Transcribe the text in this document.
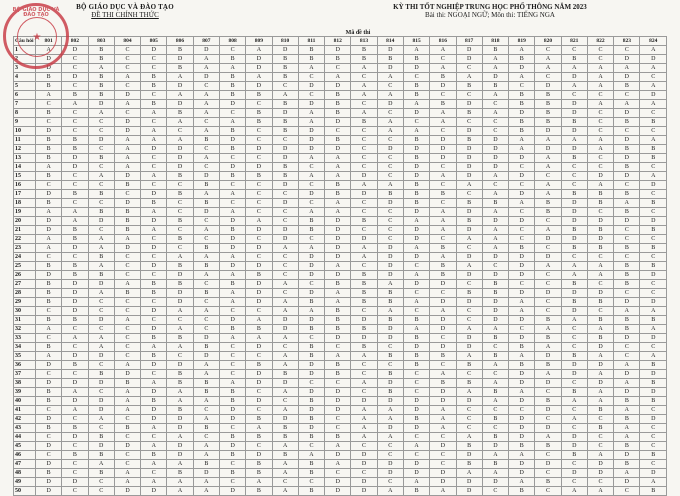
BỘ GIÁO DỤC VÀ ĐÀO TẠO
ĐỀ THI CHÍNH THỨC
KỲ THI TỐT NGHIỆP TRUNG HỌC PHỔ THÔNG NĂM 2023
Bài thi: NGOẠI NGỮ; Môn thi: TIẾNG NGA
Mã đề thi
Câu hỏi	801	802	803	804	805	806	807	808	809	810	811	812	813	814	815	816	817	818	819	820	821	822	823	824
1	A	D	B	C	D	B	D	C	A	D	B	D	B	D	A	A	D	B	A	C	C	C	C	A
2	D	C	B	C	C	D	A	B	D	B	B	B	B	B	B	C	D	A	B	A	B	C	D	D
3	D	C	A	C	C	B	A	A	D	B	A	C	A	D	D	A	C	A	D	A	A	A	A	A
4	B	D	B	A	B	A	D	B	A	B	C	A	C	A	C	B	A	D	A	C	D	A	D	C
5	B	C	B	C	B	D	C	B	D	C	D	D	A	C	B	D	B	B	C	D	A	A	B	A
6	A	B	B	D	C	A	A	B	B	A	C	B	A	A	B	C	C	A	B	B	C	C	C	D
7	C	A	D	A	B	D	A	D	C	B	D	B	C	D	A	B	D	C	B	B	D	A	A	A
8	B	C	A	C	A	B	A	C	B	D	A	B	A	C	D	A	B	A	D	B	D	C	D	C
9	C	C	C	D	C	A	C	A	B	B	A	D	B	A	C	A	C	C	B	B	B	C	B	B
10	D	C	C	D	A	C	A	B	C	B	D	C	C	A	A	C	D	C	B	D	D	C	C	C
11	B	B	D	A	A	A	B	D	C	C	D	B	C	C	B	D	B	D	A	A	A	A	D	A
12	B	B	C	A	D	D	C	B	D	D	D	D	C	D	D	D	D	D	A	D	D	A	B	B
13	B	D	B	A	C	D	A	C	C	D	A	A	C	C	B	D	D	D	D	A	B	C	D	B
14	A	D	C	A	C	D	C	D	D	B	C	A	C	C	D	C	D	D	C	A	C	C	B	C
15	B	C	A	D	A	B	D	B	B	B	A	A	D	C	D	A	D	A	D	C	C	D	D	A
16	C	C	C	B	C	C	B	C	C	D	C	B	A	A	B	C	A	C	C	A	C	A	C	D
17	D	B	B	C	D	B	A	A	C	C	D	B	D	B	B	B	C	A	D	A	B	B	B	C
18	B	C	C	D	B	C	B	C	C	D	C	A	C	D	B	C	B	B	A	B	D	B	A	B
19	A	A	B	B	A	C	D	A	C	C	A	A	C	C	D	A	D	A	C	B	D	C	B	C
20	D	A	D	B	D	B	C	D	A	C	B	D	B	C	A	A	B	D	D	C	D	D	D	D
21	D	B	C	B	A	C	A	B	D	D	B	D	C	C	D	A	D	A	C	A	B	B	C	B
22	A	B	A	A	C	B	C	D	C	D	C	D	D	C	D	C	A	A	C	D	D	D	C	C
23	A	D	A	D	D	C	B	D	D	A	A	D	A	D	A	B	C	A	B	C	B	B	B	B
24	C	C	B	C	C	A	A	A	C	C	D	D	A	D	D	A	D	D	D	D	C	C	C	C
25	B	B	A	C	D	B	B	D	D	C	D	A	C	D	C	B	A	C	D	A	A	A	B	B
26	D	B	B	C	C	D	A	A	B	C	D	D	B	D	A	B	D	D	D	C	A	A	B	D
27	B	D	D	A	B	B	C	B	D	A	C	B	B	A	D	D	C	B	C	C	B	C	B	C
28	B	D	A	B	B	D	B	A	D	C	D	A	B	B	C	C	B	B	D	D	D	D	C	C
29	B	D	C	C	C	D	C	A	D	A	B	A	B	B	A	D	D	D	A	C	B	B	D	D
30	C	D	C	C	D	A	A	C	C	A	A	B	C	A	C	A	C	D	A	C	D	C	A	A
31	B	B	D	A	C	C	C	D	A	D	D	B	D	B	B	D	C	D	D	B	A	B	B	B
32	A	C	C	C	D	A	C	B	B	D	B	B	B	D	A	D	A	A	C	A	C	A	B	A
33	C	A	A	C	B	B	D	A	A	A	C	D	D	D	B	C	D	B	D	B	C	B	D	D
34	B	C	A	C	A	A	B	C	D	C	B	C	B	C	D	D	D	C	B	A	C	D	C	C
35	A	D	D	C	B	C	D	C	C	A	B	A	A	B	B	B	A	B	A	D	B	A	C	A
36	D	B	C	A	D	D	A	C	B	A	D	B	C	C	B	C	B	A	B	B	D	D	A	B
37	C	C	B	D	C	B	A	C	D	B	D	B	C	B	C	A	C	C	D	A	D	A	D	D
38	D	D	D	B	A	B	B	A	D	D	C	C	A	D	C	B	B	A	D	D	C	D	A	B
39	B	A	C	A	D	A	B	B	C	A	D	D	C	B	C	D	A	B	A	C	B	A	D	D
40	B	D	D	A	B	A	A	B	D	C	B	D	D	D	D	D	D	A	D	B	A	A	B	B
41	C	A	D	A	D	B	C	D	C	A	D	D	A	A	D	A	C	C	C	D	C	B	A	C
42	D	C	A	C	D	D	A	D	B	D	B	C	A	A	B	A	C	B	D	C	A	C	B	D
43	B	B	C	B	A	D	B	C	A	B	D	C	A	D	D	A	C	C	D	D	C	B	A	C
44	C	D	B	C	C	A	C	B	B	B	B	B	A	A	C	C	A	B	D	A	D	C	A	C
45	D	C	D	D	A	D	A	D	C	A	C	A	C	C	A	D	B	D	B	B	D	C	B	C
46	C	B	B	C	B	D	A	B	D	B	A	D	D	C	C	C	D	A	A	C	B	A	D	B
47	D	C	A	C	A	A	B	C	B	A	B	A	D	D	D	C	B	B	D	D	C	D	B	C
48	B	C	B	A	C	B	D	B	B	A	B	C	C	D	D	D	A	A	D	C	D	D	A	D
49	D	D	C	A	A	A	A	C	A	C	C	D	D	C	A	D	D	D	A	B	C	C	D	A
50	D	C	C	D	D	A	A	D	B	A	B	D	D	A	B	A	D	C	B	C	A	A	C	B
BỘ GIÁO DỤC VÀ ĐÀO TẠO
★
